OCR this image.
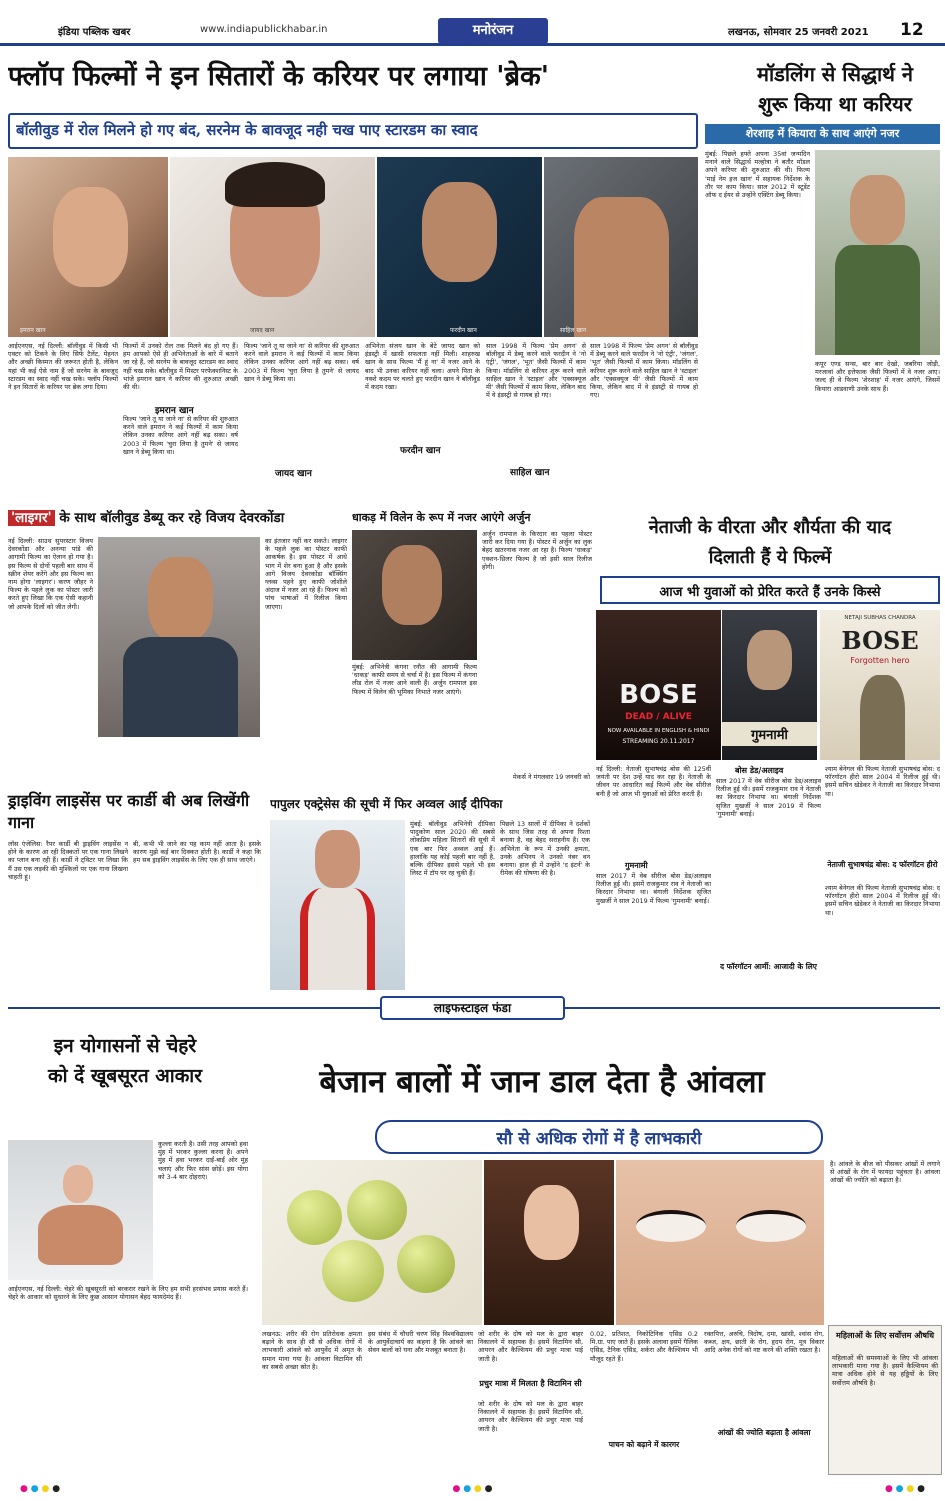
इंडिया पब्लिक खबर	www.indiapublickhabar.in	मनोरंजन	लखनऊ, सोमवार 25 जनवरी 2021 12
फ्लॉप फिल्मों ने इन सितारों के करियर पर लगाया 'ब्रेक'
बॉलीवुड में रोल मिलने हो गए बंद, सरनेम के बावजूद नही चख पाए स्टारडम का स्वाद
इमरान खान	जायद खान	फरदीन खान	साहिल खान
आईएनएस, नई दिल्ली: बॉलीवुड में किसी भी एक्टर को टिकने के लिए सिर्फ टैलेंट, मेहनत और अच्छी किस्मत की जरूरत होती है, लेकिन यहां भी कई ऐसे नाम हैं जो सरनेम के बावजूद स्टारडम का स्वाद नहीं चख सके। फ्लॉप फिल्मों ने इन सितारों के करियर पर ब्रेक लगा दिया।
फिल्मों में उनको रोल तक मिलने बंद हो गए हैं। हम आपको ऐसे ही अभिनेताओं के बारे में बताने जा रहे हैं, जो सरनेम के बावजूद स्टारडम का स्वाद नहीं चख सके। बॉलीवुड में मिस्टर परफेक्शनिस्ट के भांजे इमरान खान ने करियर की शुरुआत अच्छी की थी।
इमरान खान
फिल्म 'जाने तू या जाने ना' से करियर की शुरुआत करने वाले इमरान ने कई फिल्मों में काम किया लेकिन उनका करियर आगे नहीं बढ़ सका। वर्ष 2003 में फिल्म 'चुरा लिया है तुमने' से जायद खान ने डेब्यू किया था।
फिल्म 'जाने तू या जाने ना' से करियर की शुरुआत करने वाले इमरान ने कई फिल्मों में काम किया लेकिन उनका करियर आगे नहीं बढ़ सका। वर्ष 2003 में फिल्म 'चुरा लिया है तुमने' से जायद खान ने डेब्यू किया था।
जायद खान
अभिनेता संजय खान के बेटे जायद खान को इंडस्ट्री में खासी सफलता नहीं मिली। शाहरुख खान के साथ फिल्म 'मैं हूं ना' में नजर आने के बाद भी उनका करियर नहीं चला। अपने पिता के नक्शे कदम पर चलते हुए फरदीन खान ने बॉलीवुड में कदम रखा।
फरदीन खान
साल 1998 में फिल्म 'प्रेम अगन' से बॉलीवुड में डेब्यू करने वाले फरदीन ने 'नो एंट्री', 'जंगल', 'भूत' जैसी फिल्मों में काम किया। मॉडलिंग से करियर शुरू करने वाले साहिल खान ने 'स्टाइल' और 'एक्सक्यूज मी' जैसी फिल्मों में काम किया, लेकिन बाद में वे इंडस्ट्री से गायब हो गए।
साल 1998 में फिल्म 'प्रेम अगन' से बॉलीवुड में डेब्यू करने वाले फरदीन ने 'नो एंट्री', 'जंगल', 'भूत' जैसी फिल्मों में काम किया। मॉडलिंग से करियर शुरू करने वाले साहिल खान ने 'स्टाइल' और 'एक्सक्यूज मी' जैसी फिल्मों में काम किया, लेकिन बाद में वे इंडस्ट्री से गायब हो गए।
साहिल खान
मॉडलिंग से सिद्धार्थ ने
शुरू किया था करियर
शेरशाह में कियारा के साथ आएंगे नजर
मुंबई: पिछले हफ्ते अपना 35वां जन्मदिन मनाने वाले सिद्धार्थ मल्होत्रा ने बतौर मॉडल अपने करियर की शुरुआत की थी। फिल्म 'माई नेम इज खान' में सहायक निर्देशक के तौर पर काम किया। साल 2012 में स्टूडेंट ऑफ द ईयर से उन्होंने एक्टिंग डेब्यू किया।
कपूर एण्ड सन्स, बार बार देखो, जबरिया जोड़ी, मरजावां और इत्तेफाक जैसी फिल्मों में वे नजर आए। जल्द ही वे फिल्म 'शेरशाह' में नजर आएंगे, जिसमें कियारा आडवाणी उनके साथ हैं।
'लाइगर' के साथ बॉलीवुड डेब्यू कर रहे विजय देवरकोंडा
नई दिल्ली: साउथ सुपरस्टार विजय देवरकोंडा और अनन्या पांडे की आगामी फिल्म का ऐलान हो गया है। इस फिल्म से दोनों पहली बार साथ में स्क्रीन शेयर करेंगे और इस फिल्म का नाम होगा 'लाइगर'। करण जौहर ने फिल्म के पहले लुक का पोस्टर जारी करते हुए लिखा कि एक ऐसी कहानी जो आपके दिलों को जीत लेगी।
का इंतजार नहीं कर सकते। लाइगर के पहले लुक का पोस्टर काफी आकर्षक है। इस पोस्टर में आधे भाग में शेर बना हुआ है और इसके आगे विजय देवरकोंडा बॉक्सिंग ग्लव्स पहने हुए काफी जोशीले अंदाज में नजर आ रहे हैं। फिल्म को पांच भाषाओं में रिलीज किया जाएगा।
धाकड़ में विलेन के रूप में नजर आएंगे अर्जुन
मुंबई: अभिनेत्री कंगना रनौत की आगामी फिल्म 'धाकड़' काफी समय से चर्चा में है। इस फिल्म में कंगना लीड रोल में नजर आने वाली हैं। अर्जुन रामपाल इस फिल्म में विलेन की भूमिका निभाते नजर आएंगे।
अर्जुन रामपाल के किरदार का पहला पोस्टर जारी कर दिया गया है। पोस्टर में अर्जुन का लुक बेहद खतरनाक नजर आ रहा है। फिल्म 'धाकड़' एक्शन-थ्रिलर फिल्म है जो इसी साल रिलीज होगी।
मेकर्स ने मंगलवार 19 जनवरी को
नेताजी के वीरता और शौर्यता की याद
दिलाती हैं ये फिल्में
आज भी युवाओं को प्रेरित करते हैं उनके किस्से
BOSE
DEAD / ALIVE
NOW AVAILABLE IN ENGLISH & HINDI
STREAMING 20.11.2017	गुमनामी
NETAJI SUBHAS CHANDRA
BOSE
Forgotten hero
नई दिल्ली: नेताजी सुभाषचंद्र बोस की 125वीं जयंती पर देश उन्हें याद कर रहा है। नेताजी के जीवन पर आधारित कई फिल्में और वेब सीरीज बनी हैं जो आज भी युवाओं को प्रेरित करती हैं।
गुमनामी
साल 2017 में वेब सीरीज बोस डेड/अलाइव रिलीज हुई थी। इसमें राजकुमार राव ने नेताजी का किरदार निभाया था। बंगाली निर्देशक सृजित मुखर्जी ने साल 2019 में फिल्म 'गुमनामी' बनाई।
बोस डेड/अलाइव
साल 2017 में वेब सीरीज बोस डेड/अलाइव रिलीज हुई थी। इसमें राजकुमार राव ने नेताजी का किरदार निभाया था। बंगाली निर्देशक सृजित मुखर्जी ने साल 2019 में फिल्म 'गुमनामी' बनाई।
द फॉरगॉटन आर्मी: आजादी के लिए
श्याम बेनेगल की फिल्म नेताजी सुभाषचंद्र बोस: द फॉरगॉटन हीरो साल 2004 में रिलीज हुई थी। इसमें सचिन खेडेकर ने नेताजी का किरदार निभाया था।
नेताजी सुभाषचंद्र बोस: द फॉरगॉटन हीरो
श्याम बेनेगल की फिल्म नेताजी सुभाषचंद्र बोस: द फॉरगॉटन हीरो साल 2004 में रिलीज हुई थी। इसमें सचिन खेडेकर ने नेताजी का किरदार निभाया था।
ड्राइविंग लाइसेंस पर कार्डी बी अब लिखेंगी गाना
लॉस एंजेलिस: रैपर कार्डी बी ड्राइविंग लाइसेंस न होने के कारण आ रही दिक्कतों पर एक गाना लिखने का प्लान बना रही हैं। कार्डी ने ट्विटर पर लिखा कि मैं उस एक लड़की की मुश्किलों पर एक गाना लिखना चाहती हूं।
बी, कभी भी जाने का यह काम नहीं आता है। इसके कारण मुझे कई बार दिक्कत होती है। कार्डी ने कहा कि हम सब ड्राइविंग लाइसेंस के लिए एक ही साथ जाएंगे।
पापुलर एक्ट्रेसेस की सूची में फिर अव्वल आईं दीपिका
मुंबई: बॉलीवुड अभिनेत्री दीपिका पादुकोण साल 2020 की सबसे लोकप्रिय महिला सितारों की सूची में एक बार फिर अव्वल आई हैं। हालांकि यह कोई पहली बार नहीं है, बल्कि दीपिका इससे पहले भी इस लिस्ट में टॉप पर रह चुकी हैं।
पिछले 13 सालों में दीपिका ने दर्शकों के साथ जिस तरह से अपना रिश्ता बनाया है, वह बेहद सराहनीय है। एक अभिनेता के रूप में उनकी क्षमता, उनके अभिनय ने उनको नंबर वन बनाया। हाल ही में उन्होंने 'द इंटर्न' के रीमेक की घोषणा की है।
लाइफस्टाइल फंडा
इन योगासनों से चेहरे
को दें खूबसूरत आकार
कुल्ला करती है। उसी तरह आपको हवा मुंह में भरकर कुल्ला करना है। अपने मुंह में हवा भरकर दाईं-बाईं ओर मुंह चलाएं और फिर सांस छोड़ें। इस योगा को 3-4 बार दोहराएं।
आईएनएस, नई दिल्ली: चेहरे की खूबसूरती को बरकरार रखने के लिए हम सभी हरसंभव प्रयास करते हैं। चेहरे के आकार को सुधारने के लिए कुछ आसान योगासन बेहद फायदेमंद हैं।
बेजान बालों में जान डाल देता है आंवला
सौ से अधिक रोगों में है लाभकारी
लखनऊ: शरीर की रोग प्रतिरोधक क्षमता बढ़ाने के साथ ही सौ से अधिक रोगों में लाभकारी आंवले को आयुर्वेद में अमृत के समान माना गया है। आंवला विटामिन सी का सबसे अच्छा स्रोत है।
इस संबंध में चौधरी चरण सिंह विश्वविद्यालय के आयुर्वेदाचार्य का कहना है कि आंवले का सेवन बालों को घना और मजबूत बनाता है।
जो शरीर के दोष को मल के द्वारा बाहर निकालने में सहायक है। इसमें विटामिन सी, आयरन और कैल्शियम की प्रचुर मात्रा पाई जाती है।
प्रचुर मात्रा में मिलता है विटामिन सी
जो शरीर के दोष को मल के द्वारा बाहर निकालने में सहायक है। इसमें विटामिन सी, आयरन और कैल्शियम की प्रचुर मात्रा पाई जाती है।
0.02, प्रतिशत, निकोटिनिक एसिड 0.2 मि.ग्रा. पाए जाते हैं। इसके अलावा इसमें गैलिक एसिड, टैनिक एसिड, शर्करा और कैल्शियम भी मौजूद रहते हैं।
पाचन को बढ़ाने में कारगर
रक्तपित्त, अरुचि, त्रिदोष, दमा, खांसी, श्वांस रोग, कब्ज, क्षय, छाती के रोग, हृदय रोग, मूत्र विकार आदि अनेक रोगों को नष्ट करने की शक्ति रखता है।
आंखों की ज्योति बढ़ाता है आंवला
है। आंवले के बीज को पीसकर आंखों में लगाने से आंखों के रोग में फायदा पहुंचता है। आंवला आंखों की ज्योति को बढ़ाता है।
महिलाओं के लिए सर्वोत्तम औषधि
महिलाओं की समस्याओं के लिए भी आंवला लाभकारी माना गया है। इसमें कैल्शियम की मात्रा अधिक होने से यह हड्डियों के लिए सर्वोत्तम औषधि है।
● ● ● ●	● ● ● ●	● ● ● ●
